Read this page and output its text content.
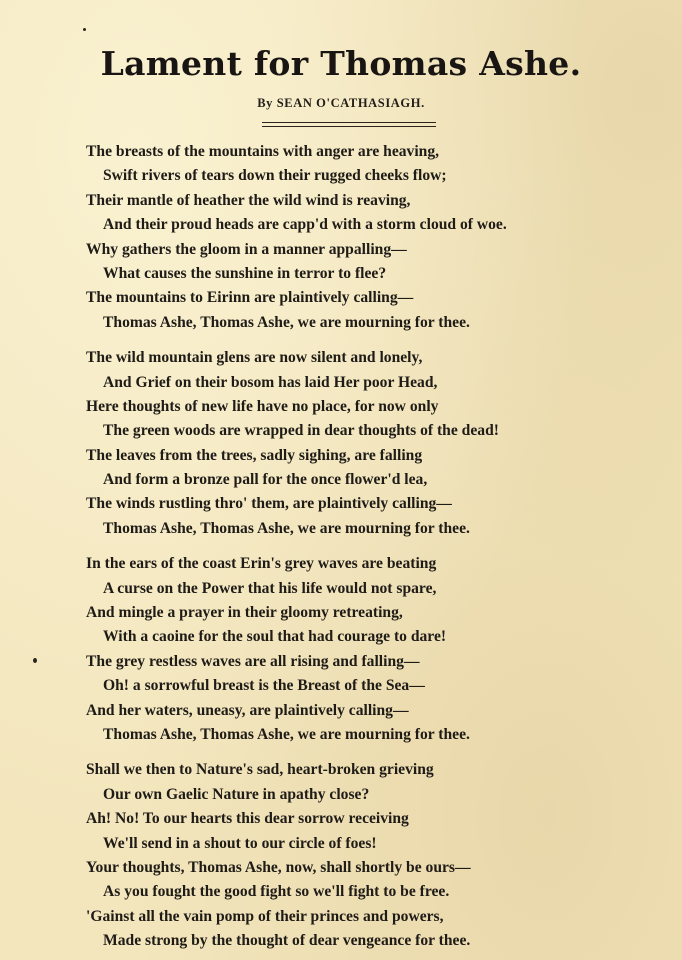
Lament for Thomas Ashe.
By SEAN O'CATHASIAGH.
The breasts of the mountains with anger are heaving,
Swift rivers of tears down their rugged cheeks flow;
Their mantle of heather the wild wind is reaving,
And their proud heads are capp'd with a storm cloud of woe.
Why gathers the gloom in a manner appalling—
What causes the sunshine in terror to flee?
The mountains to Eirinn are plaintively calling—
Thomas Ashe, Thomas Ashe, we are mourning for thee.
The wild mountain glens are now silent and lonely,
And Grief on their bosom has laid Her poor Head,
Here thoughts of new life have no place, for now only
The green woods are wrapped in dear thoughts of the dead!
The leaves from the trees, sadly sighing, are falling
And form a bronze pall for the once flower'd lea,
The winds rustling thro' them, are plaintively calling—
Thomas Ashe, Thomas Ashe, we are mourning for thee.
In the ears of the coast Erin's grey waves are beating
A curse on the Power that his life would not spare,
And mingle a prayer in their gloomy retreating,
With a caoine for the soul that had courage to dare!
The grey restless waves are all rising and falling—
Oh! a sorrowful breast is the Breast of the Sea—
And her waters, uneasy, are plaintively calling—
Thomas Ashe, Thomas Ashe, we are mourning for thee.
Shall we then to Nature's sad, heart-broken grieving
Our own Gaelic Nature in apathy close?
Ah! No! To our hearts this dear sorrow receiving
We'll send in a shout to our circle of foes!
Your thoughts, Thomas Ashe, now, shall shortly be ours—
As you fought the good fight so we'll fight to be free.
'Gainst all the vain pomp of their princes and powers,
Made strong by the thought of dear vengeance for thee.
